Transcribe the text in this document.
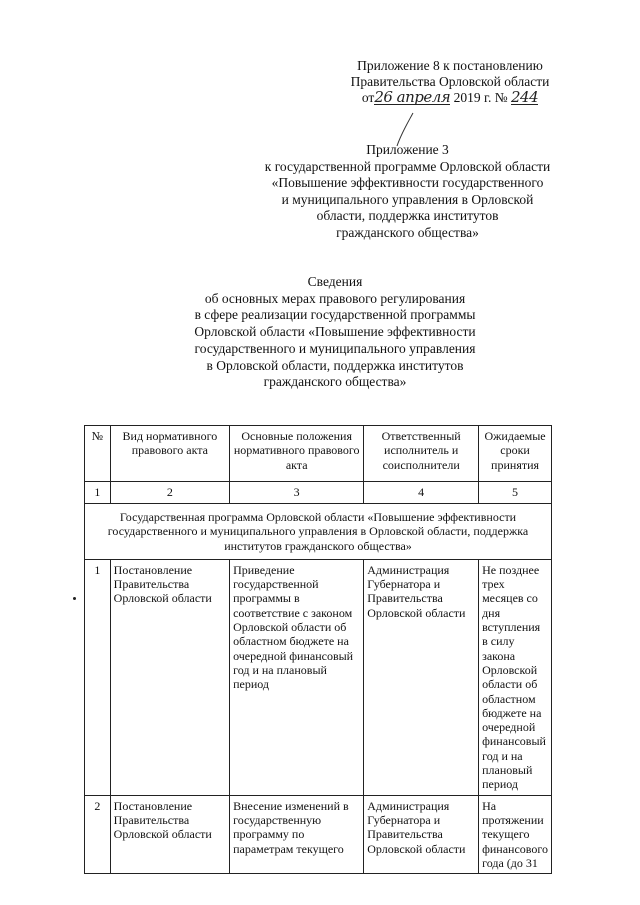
Приложение 8 к постановлению
Правительства Орловской области
от26 апреля 2019 г. № 244
Приложение 3
к государственной программе Орловской области
«Повышение эффективности государственного
и муниципального управления в Орловской
области, поддержка институтов
гражданского общества»
Сведения
об основных мерах правового регулирования
в сфере реализации государственной программы
Орловской области «Повышение эффективности
государственного и муниципального управления
в Орловской области, поддержка институтов
гражданского общества»
№	Вид нормативного правового акта	Основные положения нормативного правового акта	Ответственный исполнитель и соисполнители	Ожидаемые сроки принятия
1	2	3	4	5
Государственная программа Орловской области «Повышение эффективности государственного и муниципального управления в Орловской области, поддержка институтов гражданского общества»				
1	Постановление Правительства Орловской области	Приведение государственной программы в соответствие с законом Орловской области об областном бюджете на очередной финансовый год и на плановый период	Администрация Губернатора и Правительства Орловской области	Не позднее трех месяцев со дня вступления в силу закона Орловской области об областном бюджете на очередной финансовый год и на плановый период
2	Постановление Правительства Орловской области	Внесение изменений в государственную программу по параметрам текущего	Администрация Губернатора и Правительства Орловской области	На протяжении текущего финансового года (до 31
